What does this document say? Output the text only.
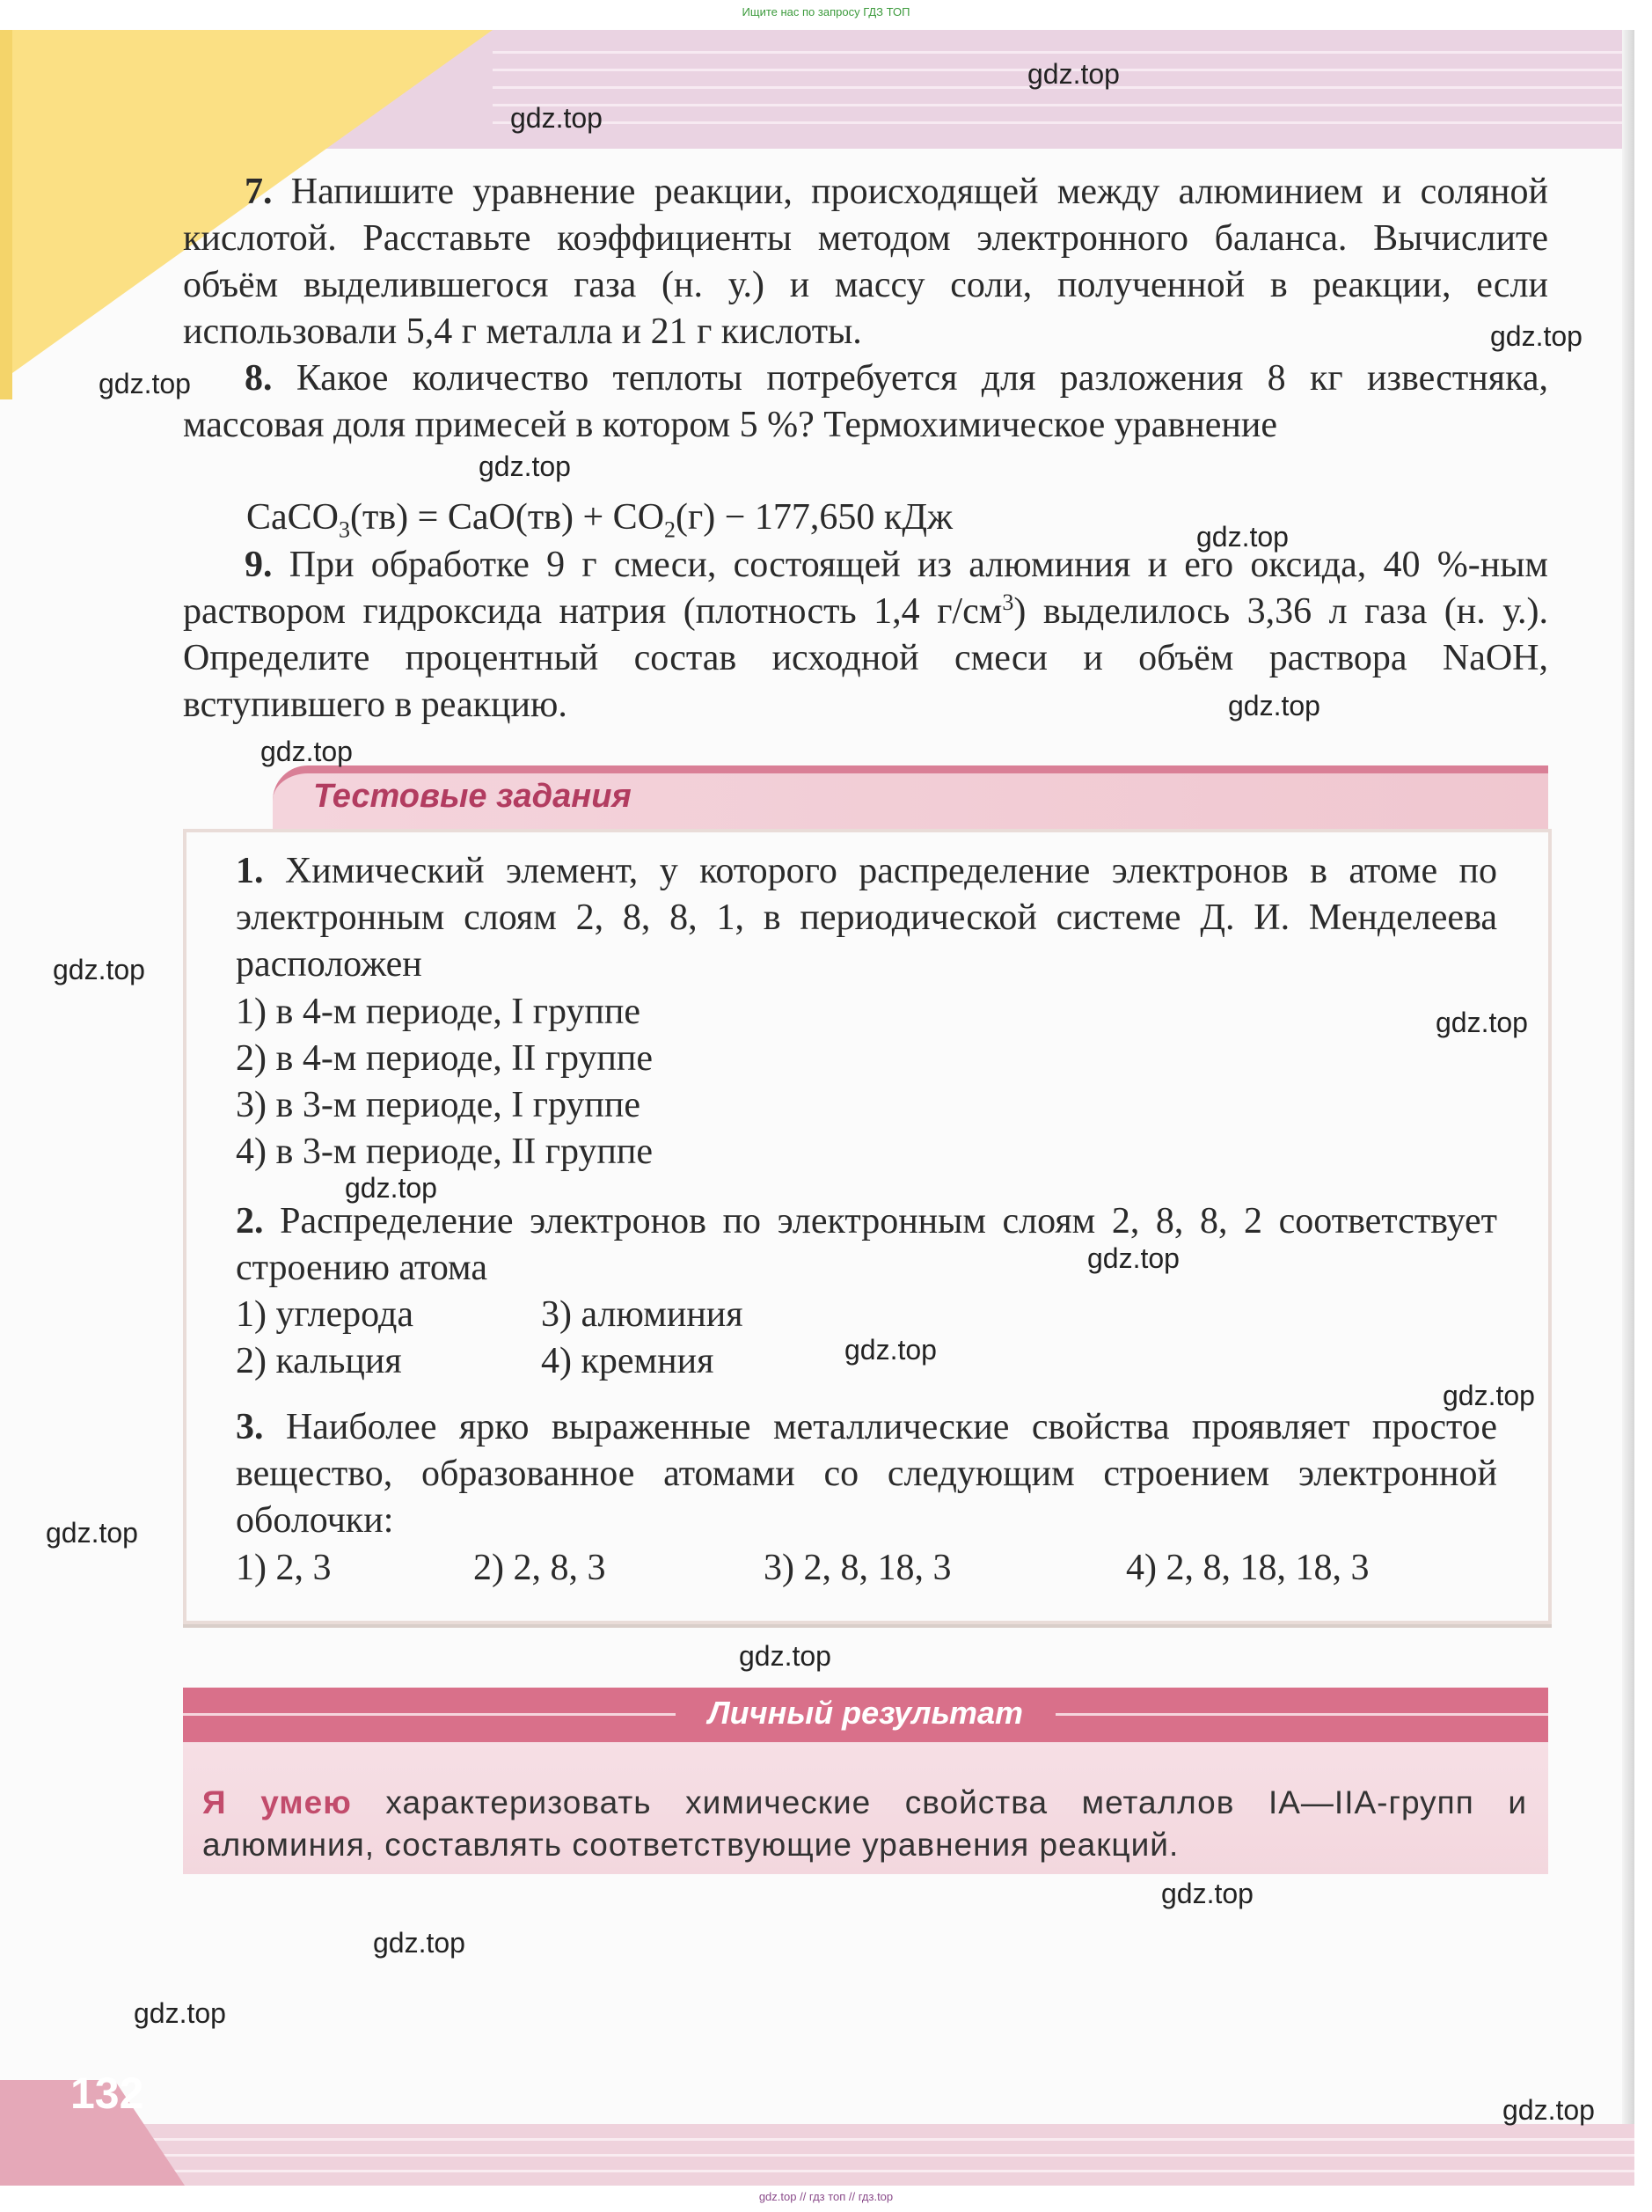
Ищите нас по запросу ГДЗ ТОП
7. Напишите уравнение реакции, происходящей между алюминием и соляной кислотой. Расставьте коэффициенты методом электронного баланса. Вычислите объём выделившегося газа (н. у.) и массу соли, полученной в реакции, если использовали 5,4 г металла и 21 г кислоты.
8. Какое количество теплоты потребуется для разложения 8 кг известняка, массовая доля примесей в котором 5 %? Термохимическое уравнение
CaCO$_3$(тв) = $CaO(тв) + CO_2(г) - 177,650$ кДж
9. При обработке 9 г смеси, состоящей из алюминия и его оксида, 40 %-ным раствором гидроксида натрия (плотность 1,4 $г/см^3$) выделилось 3,36 л газа (н. у.). Определите процентный состав исходной смеси и объём раствора NaOH, вступившего в реакцию.
Тестовые задания
1. Химический элемент, у которого распределение электронов в атоме по электронным слоям 2, 8, 8, 1, в периодической системе Д. И. Менделеева расположен
1) в 4-м периоде, I группе
2) в 4-м периоде, II группе
3) в 3-м периоде, I группе
4) в 3-м периоде, II группе
2. Распределение электронов по электронным слоям 2, 8, 8, 2 соответствует строению атома
1) углерода	3) алюминия
2) кальция	4) кремния
3. Наиболее ярко выраженные металлические свойства проявляет простое вещество, образованное атомами со следующим строением электронной оболочки:
1) 2, 3	2) 2, 8, 3	3) 2, 8, 18, 3	4) 2, 8, 18, 18, 3
Личный результат
Я умею характеризовать химические свойства металлов IA—IIA-групп и алюминия, составлять соответствующие уравнения реакций.
132
gdz.top
gdz.top
gdz.top
gdz.top
gdz.top
gdz.top
gdz.top
gdz.top
gdz.top
gdz.top
gdz.top
gdz.top
gdz.top
gdz.top
gdz.top
gdz.top
gdz.top
gdz.top
gdz.top
gdz.top
gdz.top // гдз топ // гдз.top
